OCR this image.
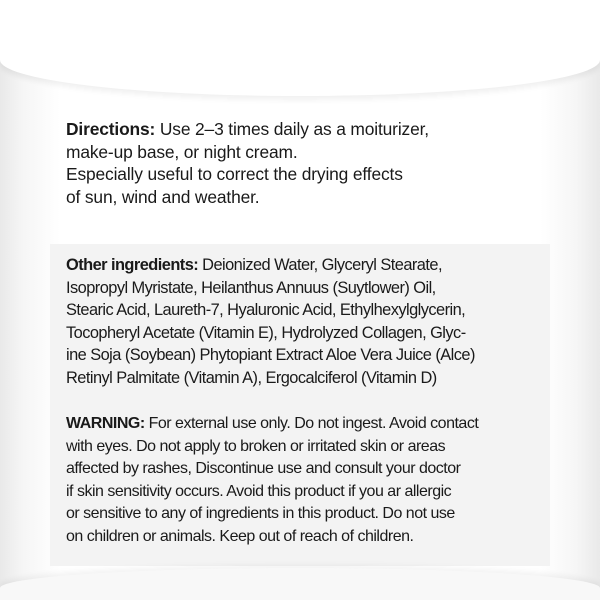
Directions: Use 2–3 times daily as a moiturizer,
make-up base, or night cream.
Especially useful to correct the drying effects
of sun, wind and weather.
Other ingredients: Deionized Water, Glyceryl Stearate,
Isopropyl Myristate, Heilanthus Annuus (Suytlower) Oil,
Stearic Acid, Laureth-7, Hyaluronic Acid, Ethylhexylglycerin,
Tocopheryl Acetate (Vitamin E), Hydrolyzed Collagen, Glyc-
ine Soja (Soybean) Phytopiant Extract Aloe Vera Juice (Alce)
Retinyl Palmitate (Vitamin A), Ergocalciferol (Vitamin D)
WARNING: For external use only. Do not ingest. Avoid contact
with eyes. Do not apply to broken or irritated skin or areas
affected by rashes, Discontinue use and consult your doctor
if skin sensitivity occurs. Avoid this product if you ar allergic
or sensitive to any of ingredients in this product. Do not use
on children or animals. Keep out of reach of children.
